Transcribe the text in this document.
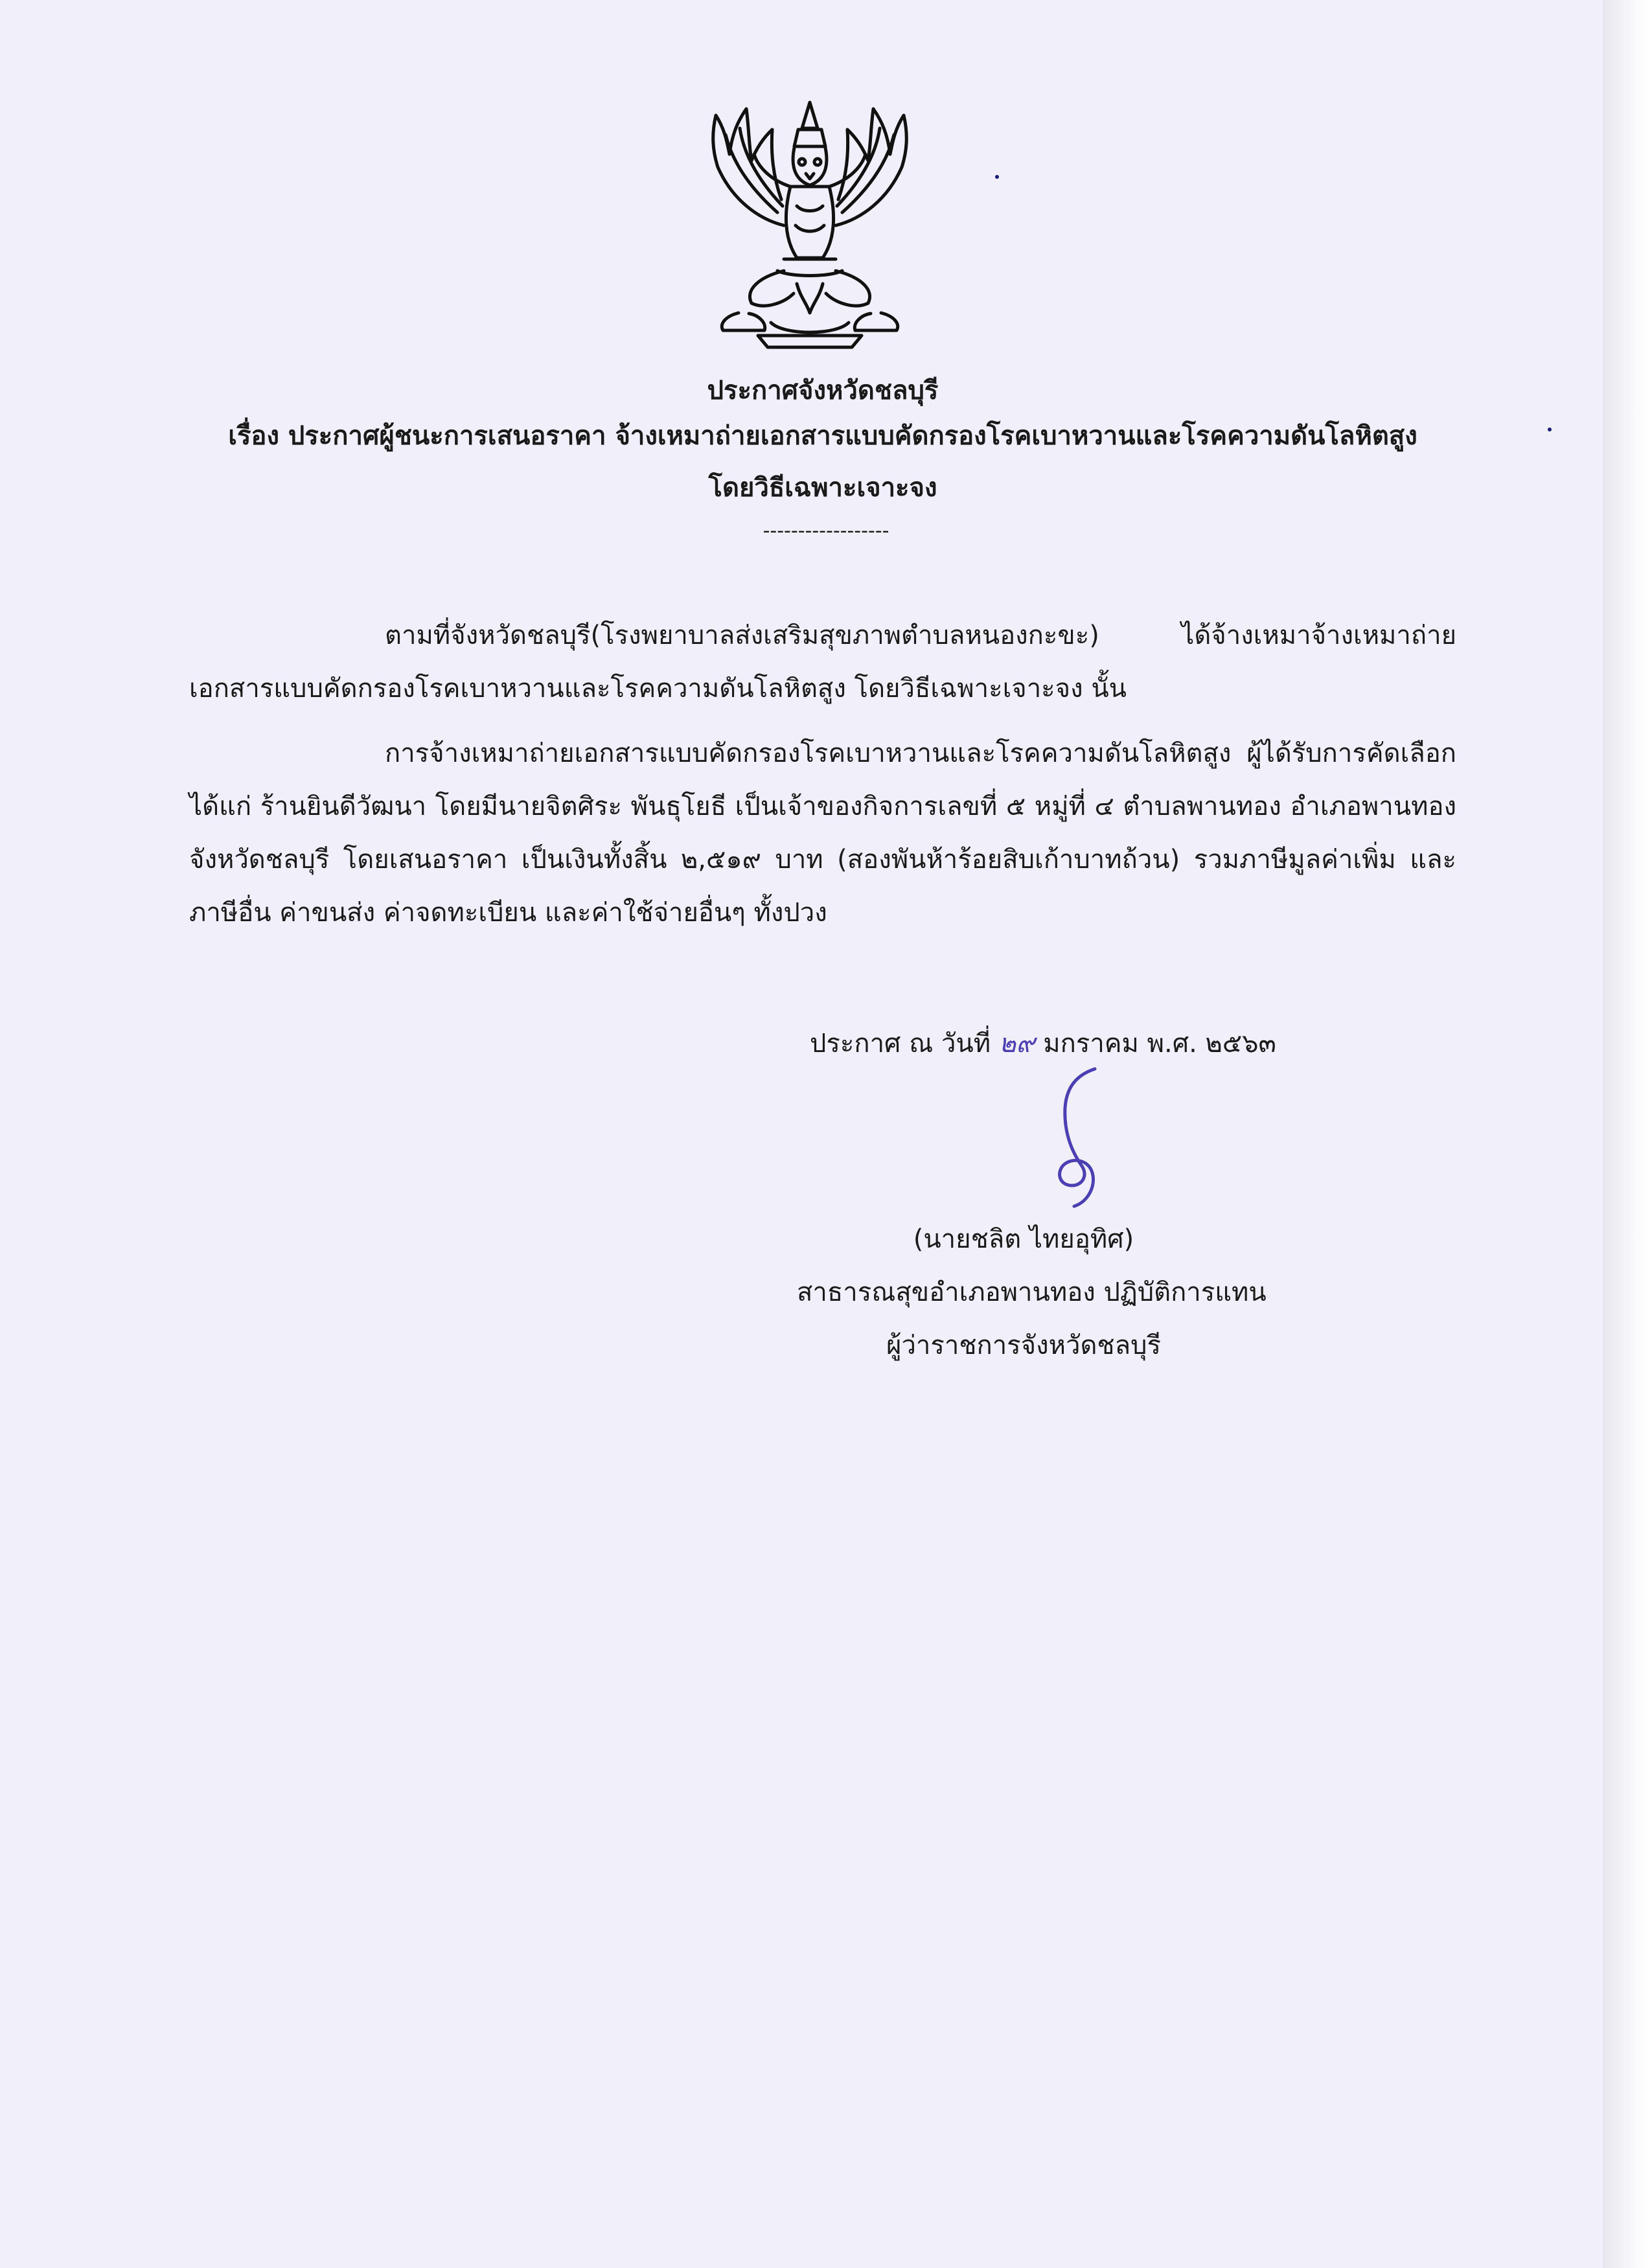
ประกาศจังหวัดชลบุรี
เรื่อง ประกาศผู้ชนะการเสนอราคา จ้างเหมาถ่ายเอกสารแบบคัดกรองโรคเบาหวานและโรคความดันโลหิตสูง
โดยวิธีเฉพาะเจาะจง
------------------
ตามที่จังหวัดชลบุรี(โรงพยาบาลส่งเสริมสุขภาพตำบลหนองกะขะ) ได้จ้างเหมาจ้างเหมาถ่ายเอกสารแบบคัดกรองโรคเบาหวานและโรคความดันโลหิตสูง โดยวิธีเฉพาะเจาะจง นั้น
การจ้างเหมาถ่ายเอกสารแบบคัดกรองโรคเบาหวานและโรคความดันโลหิตสูง ผู้ได้รับการคัดเลือก ได้แก่ ร้านยินดีวัฒนา โดยมีนายจิตศิระ พันธุโยธี เป็นเจ้าของกิจการเลขที่ ๕ หมู่ที่ ๔ ตำบลพานทอง อำเภอพานทอง จังหวัดชลบุรี โดยเสนอราคา เป็นเงินทั้งสิ้น ๒,๕๑๙ บาท (สองพันห้าร้อยสิบเก้าบาทถ้วน) รวมภาษีมูลค่าเพิ่ม และภาษีอื่น ค่าขนส่ง ค่าจดทะเบียน และค่าใช้จ่ายอื่นๆ ทั้งปวง
ประกาศ ณ วันที่ ๒๙ มกราคม พ.ศ. ๒๕๖๓
(นายชลิต ไทยอุทิศ)
สาธารณสุขอำเภอพานทอง ปฏิบัติการแทน
ผู้ว่าราชการจังหวัดชลบุรี
